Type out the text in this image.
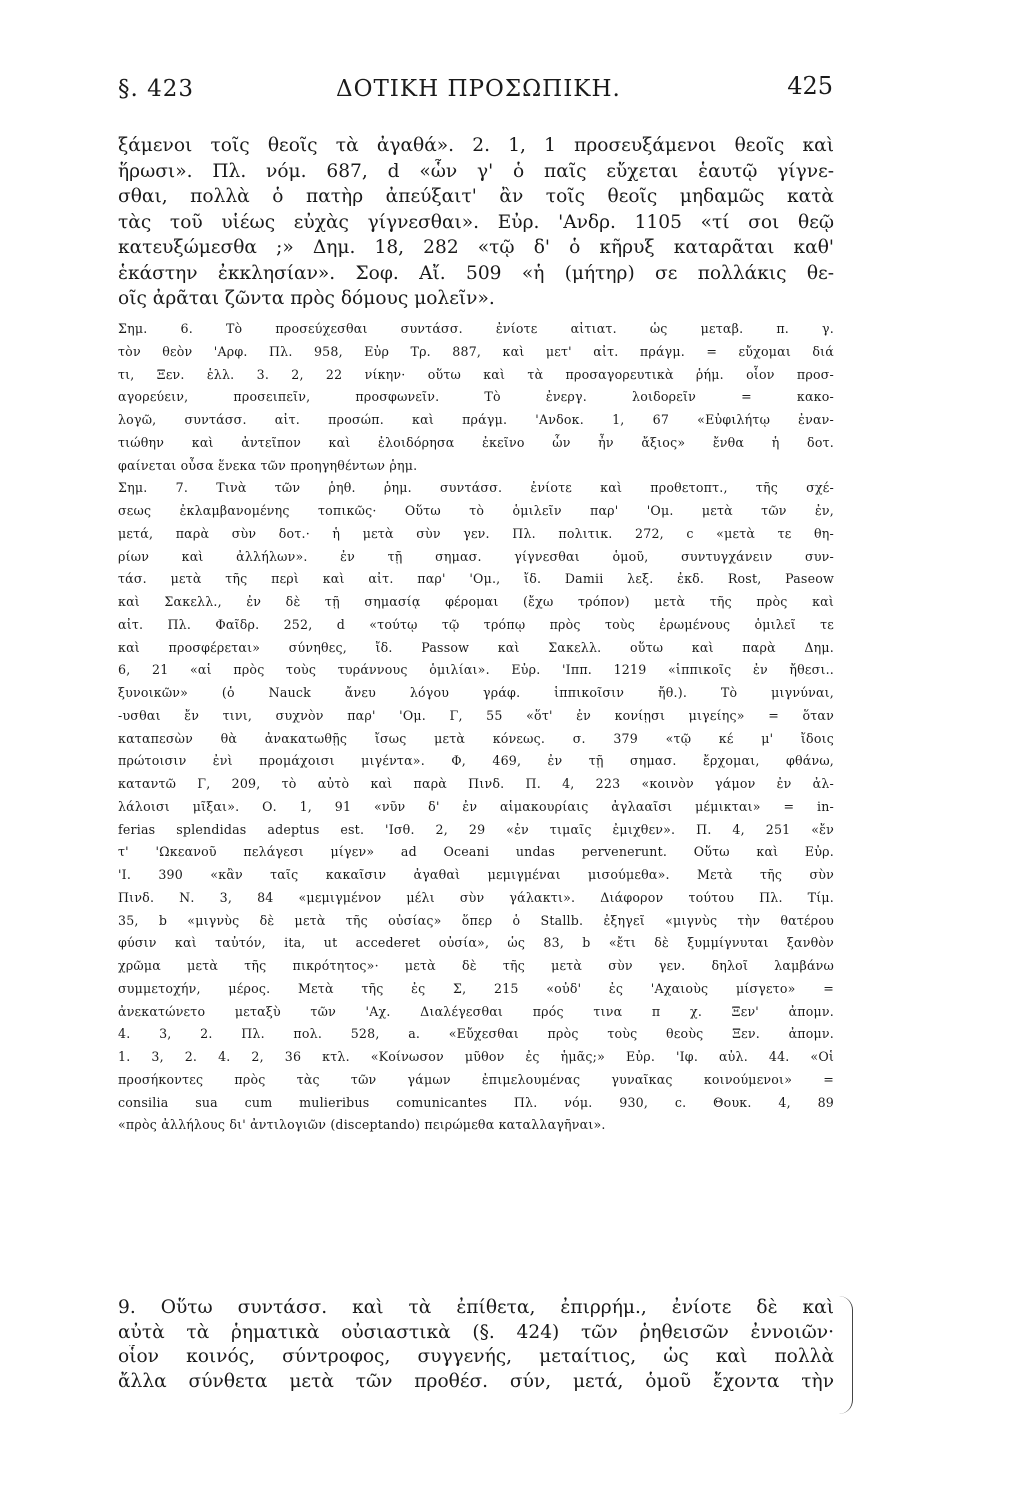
§. 423	ΔΟΤΙΚΗ ΠΡΟΣΩΠΙΚΗ.	425
ξάμενοι τοῖς θεοῖς τὰ ἀγαθά». 2. 1, 1 προσευξάμενοι θεοῖς καὶ
ἥρωσι». Πλ. νόμ. 687, d «ὧν γ' ὁ παῖς εὔχεται ἑαυτῷ γίγνε-
σθαι, πολλὰ ὁ πατὴρ ἀπεύξαιτ' ἂν τοῖς θεοῖς μηδαμῶς κατὰ
τὰς τοῦ υἱέως εὐχὰς γίγνεσθαι». Εὐρ. 'Ανδρ. 1105 «τί σοι θεῷ
κατευξώμεσθα ;» Δημ. 18, 282 «τῷ δ' ὁ κῆρυξ καταρᾶται καθ'
ἑκάστην ἐκκλησίαν». Σοφ. Αἴ. 509 «ἡ (μήτηρ) σε πολλάκις θε-
οῖς ἀρᾶται ζῶντα πρὸς δόμους μολεῖν».
Σημ. 6. Τὸ προσεύχεσθαι συντάσσ. ἐνίοτε αἰτιατ. ὡς μεταβ. π. γ.
τὸν θεὸν 'Αρφ. Πλ. 958, Εὐρ Τρ. 887, καὶ μετ' αἰτ. πράγμ. = εὔχομαι διά
τι, Ξεν. ἑλλ. 3. 2, 22 νίκην· οὕτω καὶ τὰ προσαγορευτικὰ ῥήμ. οἷον προσ-
αγορεύειν, προσειπεῖν, προσφωνεῖν. Τὸ ἐνεργ. λοιδορεῖν = κακο-
λογῶ, συντάσσ. αἰτ. προσώπ. καὶ πράγμ. 'Ανδοκ. 1, 67 «Εὐφιλήτῳ ἐναν-
τιώθην καὶ ἀντεῖπον καὶ ἐλοιδόρησα ἐκεῖνο ὧν ἦν ἄξιος» ἔνθα ἡ δοτ.
φαίνεται οὖσα ἕνεκα τῶν προηγηθέντων ῥημ.
Σημ. 7. Τινὰ τῶν ῥηθ. ῥημ. συντάσσ. ἐνίοτε καὶ προθετοπτ., τῆς σχέ-
σεως ἐκλαμβανομένης τοπικῶς· Οὕτω τὸ ὁμιλεῖν παρ' 'Ομ. μετὰ τῶν ἐν,
μετά, παρὰ σὺν δοτ.· ἡ μετὰ σὺν γεν. Πλ. πολιτικ. 272, c «μετὰ τε θη-
ρίων καὶ ἀλλήλων». ἐν τῇ σημασ. γίγνεσθαι ὁμοῦ, συντυγχάνειν συν-
τάσ. μετὰ τῆς περὶ καὶ αἰτ. παρ' 'Ομ., ἴδ. Damii λεξ. ἐκδ. Rost, Paseow
καὶ Σακελλ., ἐν δὲ τῇ σημασίᾳ φέρομαι (ἔχω τρόπον) μετὰ τῆς πρὸς καὶ
αἰτ. Πλ. Φαῖδρ. 252, d «τούτῳ τῷ τρόπῳ πρὸς τοὺς ἐρωμένους ὁμιλεῖ τε
καὶ προσφέρεται» σύνηθες, ἴδ. Passow καὶ Σακελλ. οὕτω καὶ παρὰ Δημ.
6, 21 «αἱ πρὸς τοὺς τυράννους ὁμιλίαι». Εὐρ. 'Ιππ. 1219 «ἱππικοῖς ἐν ἤθεσι..
ξυνοικῶν» (ὁ Nauck ἄνευ λόγου γράφ. ἱππικοῖσιν ἤθ.). Τὸ μιγνύναι,
-υσθαι ἔν τινι, συχνὸν παρ' 'Ομ. Γ, 55 «ὅτ' ἐν κονίῃσι μιγείης» = ὅταν
καταπεσὼν θὰ ἀνακατωθῇς ἴσως μετὰ κόνεως. σ. 379 «τῷ κέ μ' ἴδοις
πρώτοισιν ἐνὶ προμάχοισι μιγέντα». Φ, 469, ἐν τῇ σημασ. ἔρχομαι, φθάνω,
καταντῶ Γ, 209, τὸ αὐτὸ καὶ παρὰ Πινδ. Π. 4, 223 «κοινὸν γάμον ἐν ἀλ-
λάλοισι μῖξαι». Ο. 1, 91 «νῦν δ' ἐν αἱμακουρίαις ἀγλααῖσι μέμικται» = in-
ferias splendidas adeptus est. 'Ισθ. 2, 29 «ἐν τιμαῖς ἐμιχθεν». Π. 4, 251 «ἔν
τ' 'Ωκεανοῦ πελάγεσι μίγεν» ad Oceani undas pervenerunt. Οὕτω καὶ Εὐρ.
'Ι. 390 «κἂν ταῖς κακαῖσιν ἀγαθαὶ μεμιγμέναι μισούμεθα». Μετὰ τῆς σὺν
Πινδ. Ν. 3, 84 «μεμιγμένον μέλι σὺν γάλακτι». Διάφορον τούτου Πλ. Τίμ.
35, b «μιγνὺς δὲ μετὰ τῆς οὐσίας» ὅπερ ὁ Stallb. ἐξηγεῖ «μιγνὺς τὴν θατέρου
φύσιν καὶ ταὐτόν, ita, ut accederet οὐσία», ὡς 83, b «ἔτι δὲ ξυμμίγνυται ξανθὸν
χρῶμα μετὰ τῆς πικρότητος»· μετὰ δὲ τῆς μετὰ σὺν γεν. δηλοῖ λαμβάνω
συμμετοχήν, μέρος. Μετὰ τῆς ἐς Σ, 215 «οὐδ' ἐς 'Αχαιοὺς μίσγετο» =
ἀνεκατώνετο μεταξὺ τῶν 'Αχ. Διαλέγεσθαι πρός τινα π χ. Ξεν' ἀπομν.
4. 3, 2. Πλ. πολ. 528, a. «Εὔχεσθαι πρὸς τοὺς θεοὺς Ξεν. ἀπομν.
1. 3, 2. 4. 2, 36 κτλ. «Κοίνωσον μῦθον ἐς ἡμᾶς;» Εὐρ. 'Ιφ. αὐλ. 44. «Οἱ
προσήκοντες πρὸς τὰς τῶν γάμων ἐπιμελουμένας γυναῖκας κοινούμενοι» =
consilia sua cum mulieribus comunicantes Πλ. νόμ. 930, c. Θουκ. 4, 89
«πρὸς ἀλλήλους δι' ἀντιλογιῶν (disceptando) πειρώμεθα καταλλαγῆναι».
9. Οὕτω συντάσσ. καὶ τὰ ἐπίθετα, ἐπιρρήμ., ἐνίοτε δὲ καὶ
αὐτὰ τὰ ῥηματικὰ οὐσιαστικὰ (§. 424) τῶν ῥηθεισῶν ἐννοιῶν·
οἷον κοινός, σύντροφος, συγγενής, μεταίτιος, ὡς καὶ πολλὰ
ἄλλα σύνθετα μετὰ τῶν προθέσ. σύν, μετά, ὁμοῦ ἔχοντα τὴν
